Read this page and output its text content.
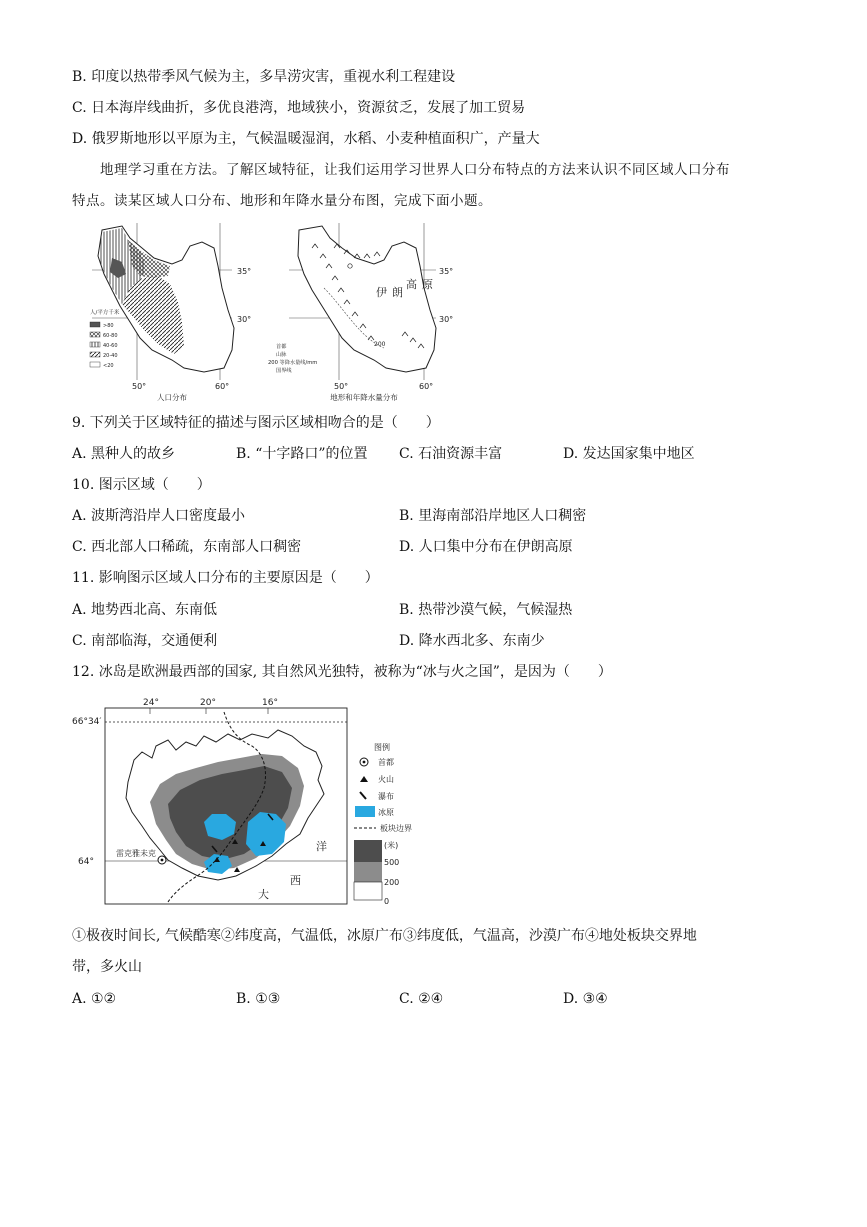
B. 印度以热带季风气候为主，多旱涝灾害，重视水利工程建设
C. 日本海岸线曲折，多优良港湾，地域狭小，资源贫乏，发展了加工贸易
D. 俄罗斯地形以平原为主，气候温暖湿润，水稻、小麦种植面积广，产量大
地理学习重在方法。了解区域特征，让我们运用学习世界人口分布特点的方法来认识不同区域人口分布特点。读某区域人口分布、地形和年降水量分布图，完成下面小题。
35°
30°
50°	60°
人/平方千米
>80
60-80
40-60
20-40
<20
人口分布
伊 朗
高 原
200
35°
30°
50°	60°
首都
山脉
200 等降水量线/mm
国界线
地形和年降水量分布
9. 下列关于区域特征的描述与图示区域相吻合的是（　　）
A. 黑种人的故乡	B. “十字路口”的位置 C. 石油资源丰富	D. 发达国家集中地区
10. 图示区域（　　）
A. 波斯湾沿岸人口密度最小	B. 里海南部沿岸地区人口稠密
C. 西北部人口稀疏，东南部人口稠密	D. 人口集中分布在伊朗高原
11. 影响图示区域人口分布的主要原因是（　　）
A. 地势西北高、东南低	B. 热带沙漠气候，气候湿热
C. 南部临海，交通便利	D. 降水西北多、东南少
12. 冰岛是欧洲最西部的国家, 其自然风光独特，被称为“冰与火之国”，是因为（　　）
24°	20°	16°
66°34′
64°
雷克雅未克
洋
西
大
图例
首都
火山
瀑布
冰原
板块边界
(米)
500
200
0
①极夜时间长, 气候酷寒②纬度高，气温低，冰原广布③纬度低，气温高，沙漠广布④地处板块交界地
带，多火山
A. ①②	B. ①③	C. ②④	D. ③④
